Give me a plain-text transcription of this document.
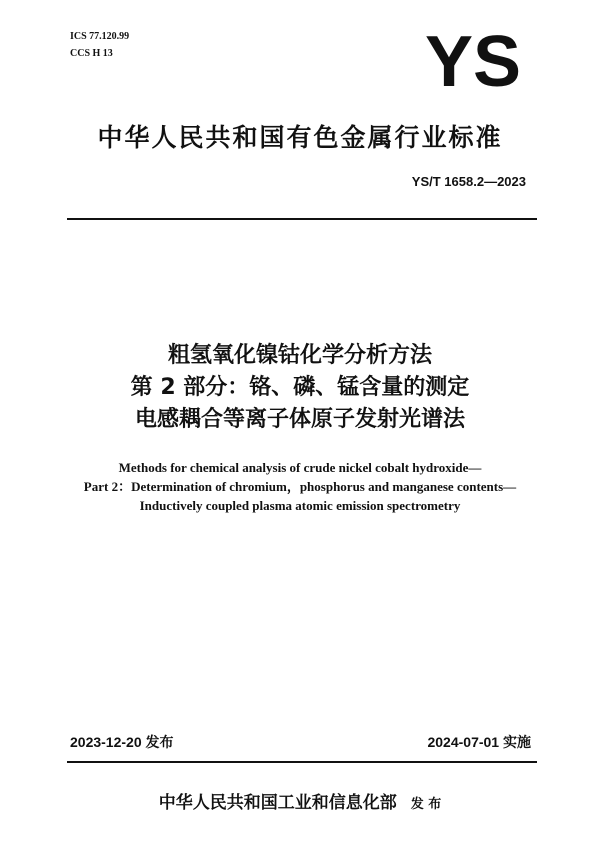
ICS 77.120.99
CCS H 13	YS
中华人民共和国有色金属行业标准
YS/T 1658.2—2023
粗氢氧化镍钴化学分析方法
第 2 部分：铬、磷、锰含量的测定
电感耦合等离子体原子发射光谱法
Methods for chemical analysis of crude nickel cobalt hydroxide—
Part 2：Determination of chromium，phosphorus and manganese contents—
Inductively coupled plasma atomic emission spectrometry
2023-12-20 发布	2024-07-01 实施
中华人民共和国工业和信息化部 发 布
